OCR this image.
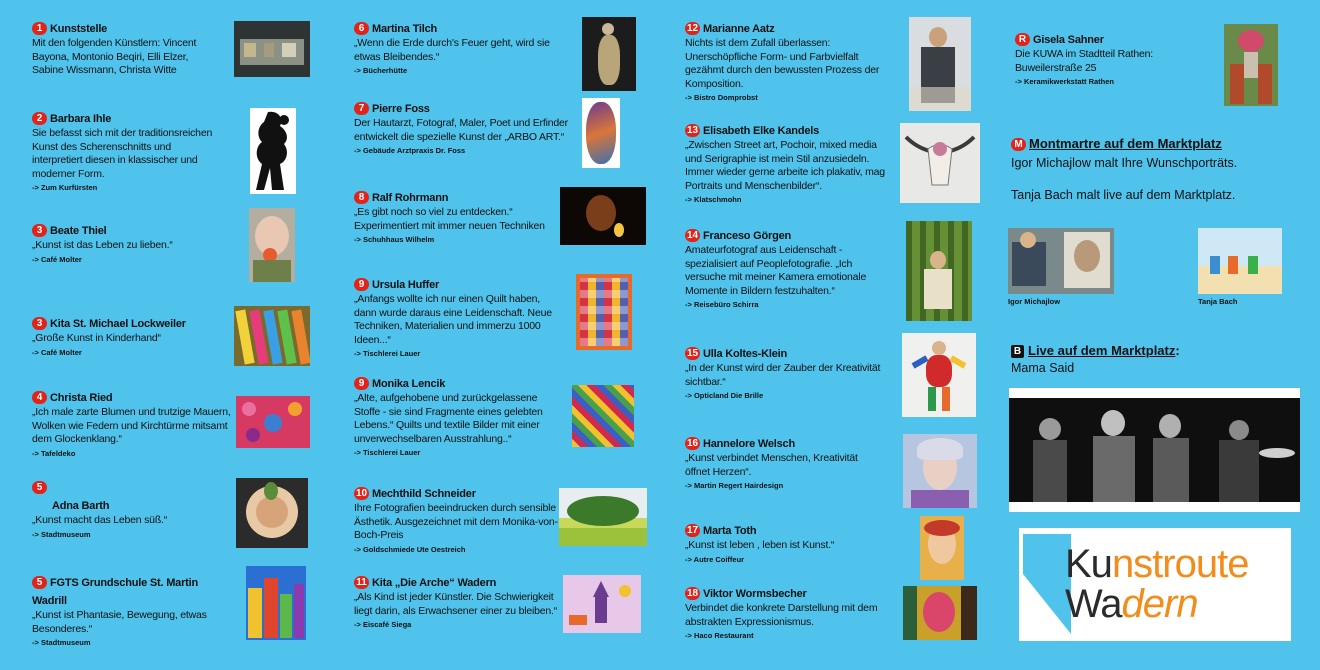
1 Kunststelle
Mit den folgenden Künstlern: Vincent Bayona, Montonio Beqiri, Elli Elzer, Sabine Wissmann, Christa Witte
2 Barbara Ihle
Sie befasst sich mit der traditionsreichen Kunst des Scherenschnitts und interpretiert diesen in klassischer und moderner Form.
-> Zum Kurfürsten
3 Beate Thiel
„Kunst ist das Leben zu lieben.“
-> Café Molter
3 Kita St. Michael Lockweiler
„Große Kunst in Kinderhand“
-> Café Molter
4 Christa Ried
„Ich male zarte Blumen und trutzige Mauern, Wolken wie Federn und Kirchtürme mitsamt dem Glockenklang.“
-> Tafeldeko
5
Adna Barth
„Kunst macht das Leben süß.“
-> Stadtmuseum
5 FGTS Grundschule St. Martin Wadrill
„Kunst ist Phantasie, Bewegung, etwas Besonderes.“
-> Stadtmuseum
6 Martina Tilch
„Wenn die Erde durch's Feuer geht, wird sie etwas Bleibendes.“
-> Bücherhütte
7 Pierre Foss
Der Hautarzt, Fotograf, Maler, Poet und Erfinder entwickelt die spezielle Kunst der „ARBO ART.“
-> Gebäude Arztpraxis Dr. Foss
8 Ralf Rohrmann
„Es gibt noch so viel zu entdecken.“ Experimentiert mit immer neuen Techniken
-> Schuhhaus Wilhelm
9 Ursula Huffer
„Anfangs wollte ich nur einen Quilt haben, dann wurde daraus eine Leidenschaft. Neue Techniken, Materialien und immerzu 1000 Ideen...“
-> Tischlerei Lauer
9 Monika Lencik
„Alte, aufgehobene und zurückgelassene Stoffe - sie sind Fragmente eines gelebten Lebens.“ Quilts und textile Bilder mit einer unverwechselbaren Ausstrahlung..“
-> Tischlerei Lauer
10 Mechthild Schneider
Ihre Fotografien beeindrucken durch sensible Ästhetik. Ausgezeichnet mit dem Monika-von-Boch-Preis
-> Goldschmiede Ute Oestreich
11 Kita „Die Arche“ Wadern
„Als Kind ist jeder Künstler. Die Schwierigkeit liegt darin, als Erwachsener einer zu bleiben.“
-> Eiscafé Siega
12 Marianne Aatz
Nichts ist dem Zufall überlassen: Unerschöpfliche Form- und Farbvielfalt gezähmt durch den bewussten Prozess der Komposition.
-> Bistro Domprobst
13 Elisabeth Elke Kandels
„Zwischen Street art, Pochoir, mixed media und Serigraphie ist mein Stil anzusiedeln. Immer wieder gerne arbeite ich plakativ, mag Portraits und Menschenbilder“.
-> Klatschmohn
14 Franceso Görgen
Amateurfotograf aus Leidenschaft - spezialisiert auf Peoplefotografie. „Ich versuche mit meiner Kamera emotionale Momente in Bildern festzuhalten.“
-> Reisebüro Schirra
15 Ulla Koltes-Klein
„In der Kunst wird der Zauber der Kreativität sichtbar.“
-> Opticland Die Brille
16 Hannelore Welsch
„Kunst verbindet Menschen, Kreativität öffnet Herzen“.
-> Martin Regert Hairdesign
17 Marta Toth
„Kunst ist leben , leben ist Kunst.“
-> Autre Coiffeur
18 Viktor Wormsbecher
Verbindet die konkrete Darstellung mit dem abstrakten Expressionismus.
-> Haco Restaurant
R Gisela Sahner
Die KUWA im Stadtteil Rathen: Buweilerstraße 25
-> Keramikwerkstatt Rathen
M Montmartre auf dem Marktplatz
Igor Michajlow malt Ihre Wunschporträts.
Tanja Bach malt live auf dem Marktplatz.
Igor Michajlow	Tanja Bach
B Live auf dem Marktplatz:
Mama Said
Kunstroute
Wadern
